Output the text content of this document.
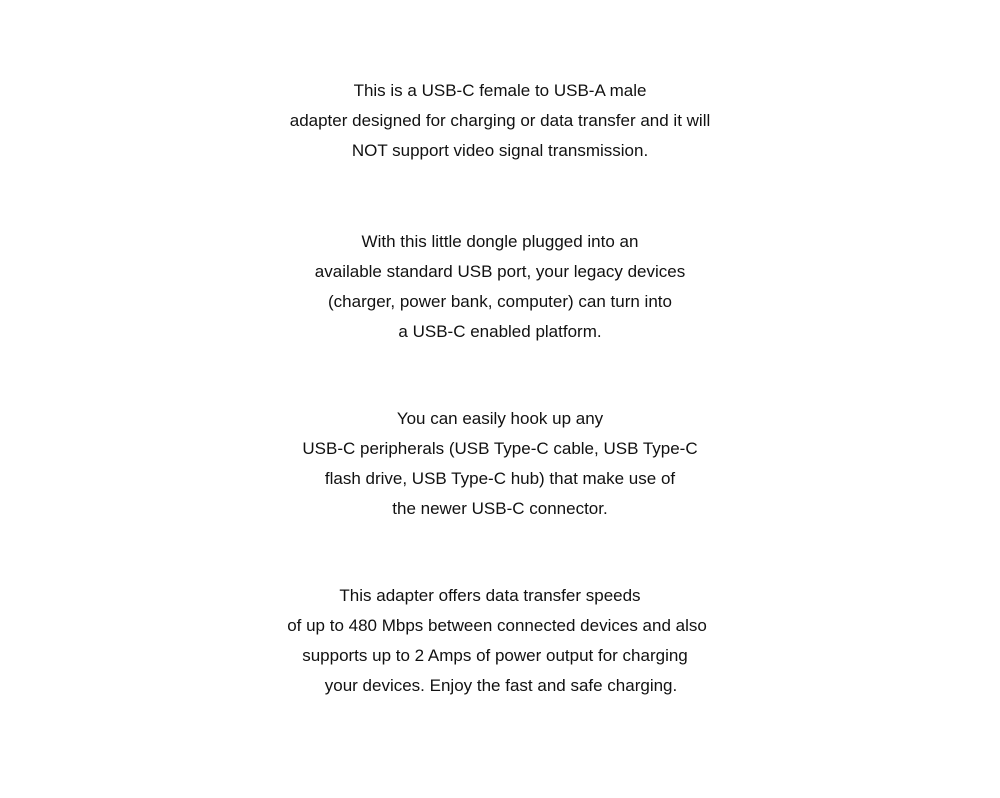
This is a USB-C female to USB-A male
adapter designed for charging or data transfer and it will
NOT support video signal transmission.
With this little dongle plugged into an
available standard USB port, your legacy devices
(charger, power bank, computer) can turn into
a USB-C enabled platform.
You can easily hook up any
USB-C peripherals (USB Type-C cable, USB Type-C
flash drive, USB Type-C hub) that make use of
the newer USB-C connector.
This adapter offers data transfer speeds
of up to 480 Mbps between connected devices and also
supports up to 2 Amps of power output for charging
your devices. Enjoy the fast and safe charging.
